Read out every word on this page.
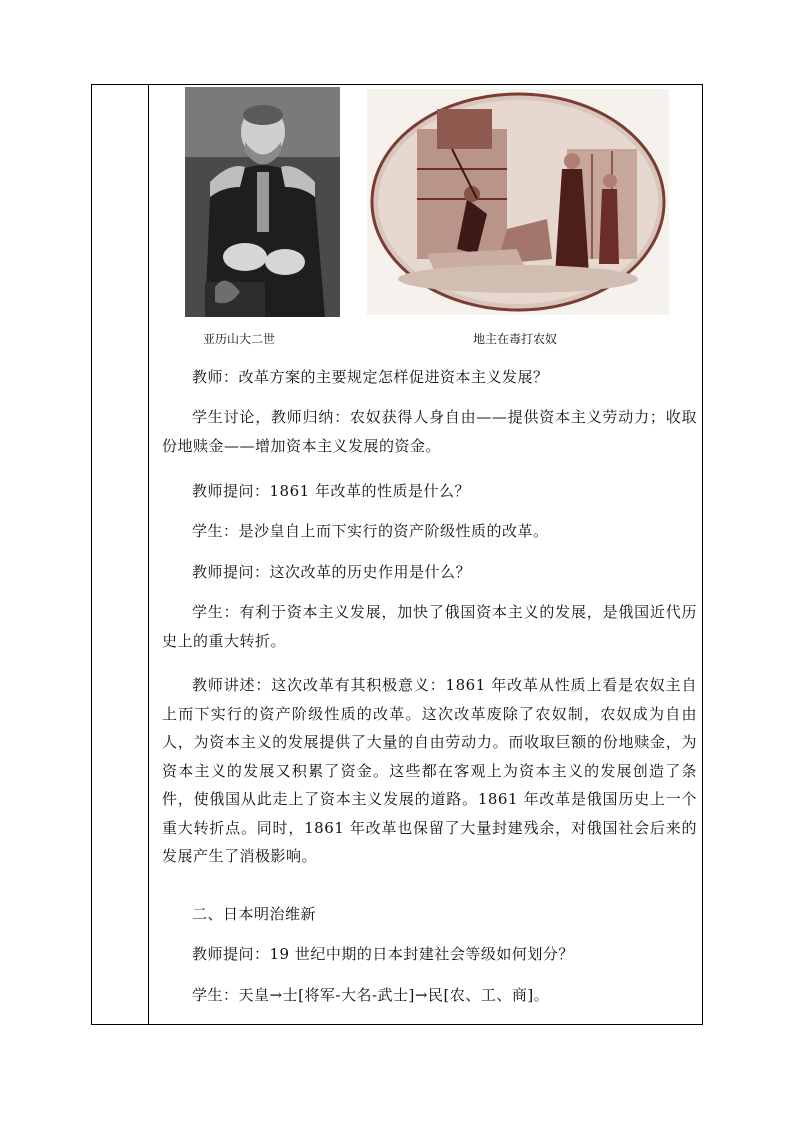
亚历山大二世	地主在毒打农奴
教师：改革方案的主要规定怎样促进资本主义发展？
学生讨论，教师归纳：农奴获得人身自由——提供资本主义劳动力；收取份地赎金——增加资本主义发展的资金。
教师提问：1861 年改革的性质是什么？
学生：是沙皇自上而下实行的资产阶级性质的改革。
教师提问：这次改革的历史作用是什么？
学生：有利于资本主义发展，加快了俄国资本主义的发展，是俄国近代历史上的重大转折。
教师讲述：这次改革有其积极意义：1861 年改革从性质上看是农奴主自上而下实行的资产阶级性质的改革。这次改革废除了农奴制，农奴成为自由人，为资本主义的发展提供了大量的自由劳动力。而收取巨额的份地赎金，为资本主义的发展又积累了资金。这些都在客观上为资本主义的发展创造了条件，使俄国从此走上了资本主义发展的道路。1861 年改革是俄国历史上一个重大转折点。同时，1861 年改革也保留了大量封建残余，对俄国社会后来的发展产生了消极影响。
二、日本明治维新
教师提问：19 世纪中期的日本封建社会等级如何划分？
学生：天皇→士[将军-大名-武士]→民[农、工、商]。
